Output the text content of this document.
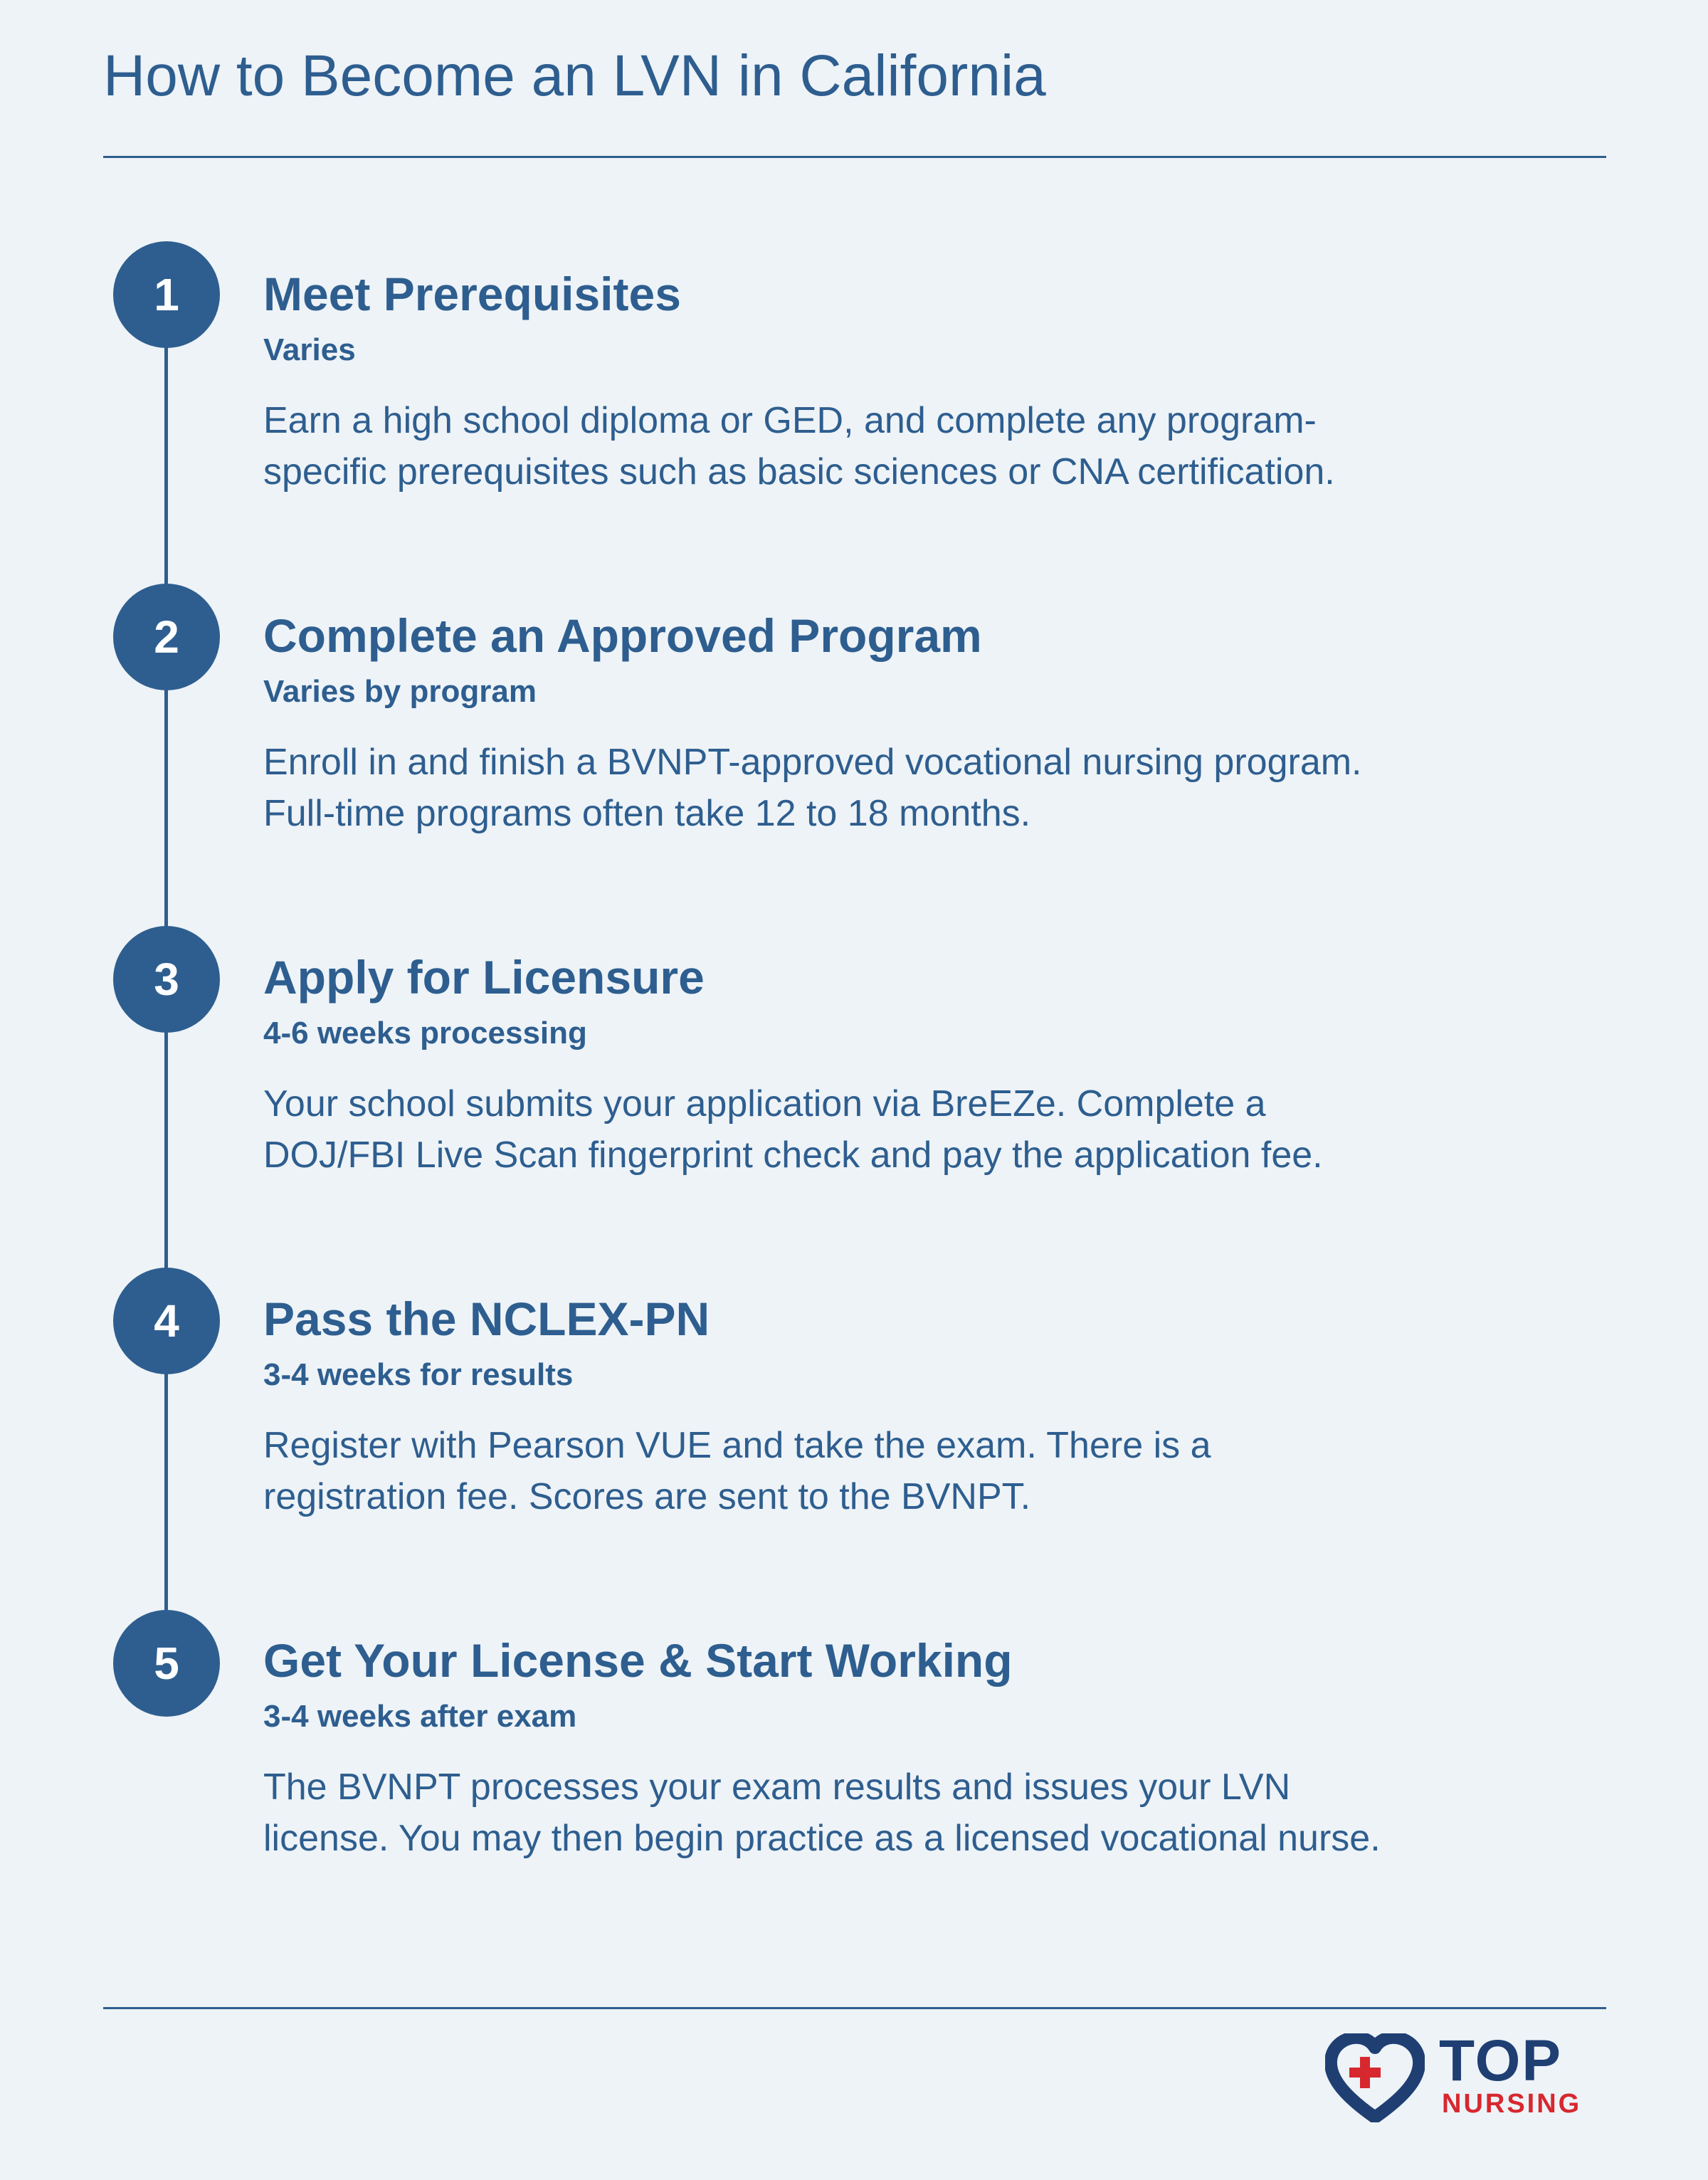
How to Become an LVN in California
1	Meet Prerequisites
Varies
Earn a high school diploma or GED, and complete any program-specific prerequisites such as basic sciences or CNA certification.
2	Complete an Approved Program
Varies by program
Enroll in and finish a BVNPT-approved vocational nursing program. Full-time programs often take 12 to 18 months.
3	Apply for Licensure
4-6 weeks processing
Your school submits your application via BreEZe. Complete a DOJ/FBI Live Scan fingerprint check and pay the application fee.
4	Pass the NCLEX-PN
3-4 weeks for results
Register with Pearson VUE and take the exam. There is a registration fee. Scores are sent to the BVNPT.
5	Get Your License & Start Working
3-4 weeks after exam
The BVNPT processes your exam results and issues your LVN license. You may then begin practice as a licensed vocational nurse.
TOP
NURSING
